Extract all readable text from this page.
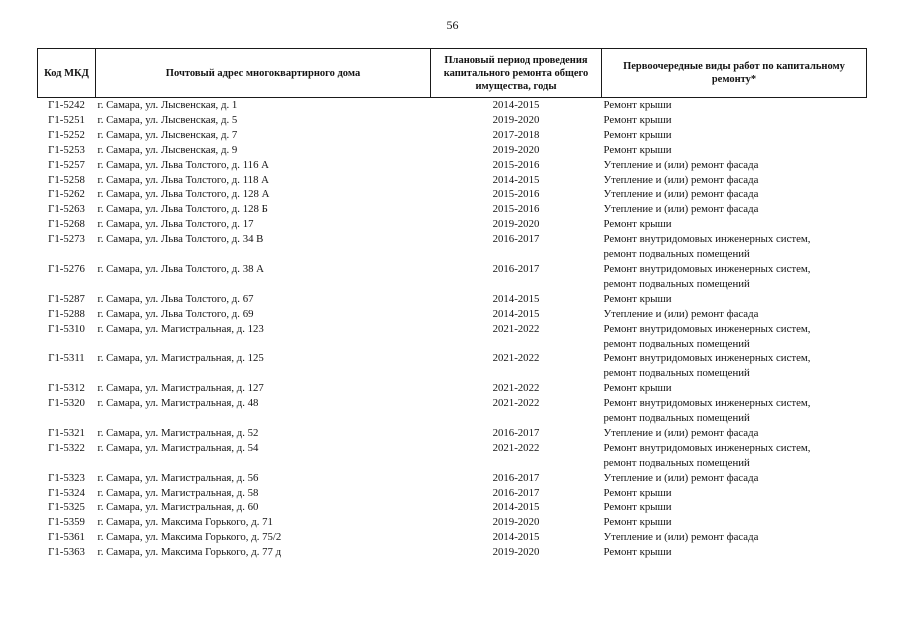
56
Код МКД	Почтовый адрес многоквартирного дома	Плановый период проведения капитального ремонта общего имущества, годы	Первоочередные виды работ по капитальному ремонту*
Г1-5242	г. Самара, ул. Лысвенская, д. 1	2014-2015	Ремонт крыши

Г1-5251	г. Самара, ул. Лысвенская, д. 5	2019-2020	Ремонт крыши

Г1-5252	г. Самара, ул. Лысвенская, д. 7	2017-2018	Ремонт крыши

Г1-5253	г. Самара, ул. Лысвенская, д. 9	2019-2020	Ремонт крыши

Г1-5257	г. Самара, ул. Льва Толстого, д. 116 А	2015-2016	Утепление и (или) ремонт фасада

Г1-5258	г. Самара, ул. Льва Толстого, д. 118 А	2014-2015	Утепление и (или) ремонт фасада

Г1-5262	г. Самара, ул. Льва Толстого, д. 128 А	2015-2016	Утепление и (или) ремонт фасада

Г1-5263	г. Самара, ул. Льва Толстого, д. 128 Б	2015-2016	Утепление и (или) ремонт фасада

Г1-5268	г. Самара, ул. Льва Толстого, д. 17	2019-2020	Ремонт крыши

Г1-5273	г. Самара, ул. Льва Толстого, д. 34 В	2016-2017	Ремонт внутридомовых инженерных систем,
ремонт подвальных помещений

Г1-5276	г. Самара, ул. Льва Толстого, д. 38 А	2016-2017	Ремонт внутридомовых инженерных систем,
ремонт подвальных помещений

Г1-5287	г. Самара, ул. Льва Толстого, д. 67	2014-2015	Ремонт крыши

Г1-5288	г. Самара, ул. Льва Толстого, д. 69	2014-2015	Утепление и (или) ремонт фасада

Г1-5310	г. Самара, ул. Магистральная, д. 123	2021-2022	Ремонт внутридомовых инженерных систем,
ремонт подвальных помещений

Г1-5311	г. Самара, ул. Магистральная, д. 125	2021-2022	Ремонт внутридомовых инженерных систем,
ремонт подвальных помещений

Г1-5312	г. Самара, ул. Магистральная, д. 127	2021-2022	Ремонт крыши

Г1-5320	г. Самара, ул. Магистральная, д. 48	2021-2022	Ремонт внутридомовых инженерных систем,
ремонт подвальных помещений

Г1-5321	г. Самара, ул. Магистральная, д. 52	2016-2017	Утепление и (или) ремонт фасада

Г1-5322	г. Самара, ул. Магистральная, д. 54	2021-2022	Ремонт внутридомовых инженерных систем,
ремонт подвальных помещений

Г1-5323	г. Самара, ул. Магистральная, д. 56	2016-2017	Утепление и (или) ремонт фасада

Г1-5324	г. Самара, ул. Магистральная, д. 58	2016-2017	Ремонт крыши

Г1-5325	г. Самара, ул. Магистральная, д. 60	2014-2015	Ремонт крыши

Г1-5359	г. Самара, ул. Максима Горького, д. 71	2019-2020	Ремонт крыши

Г1-5361	г. Самара, ул. Максима Горького, д. 75/2	2014-2015	Утепление и (или) ремонт фасада

Г1-5363	г. Самара, ул. Максима Горького, д. 77 д	2019-2020	Ремонт крыши
